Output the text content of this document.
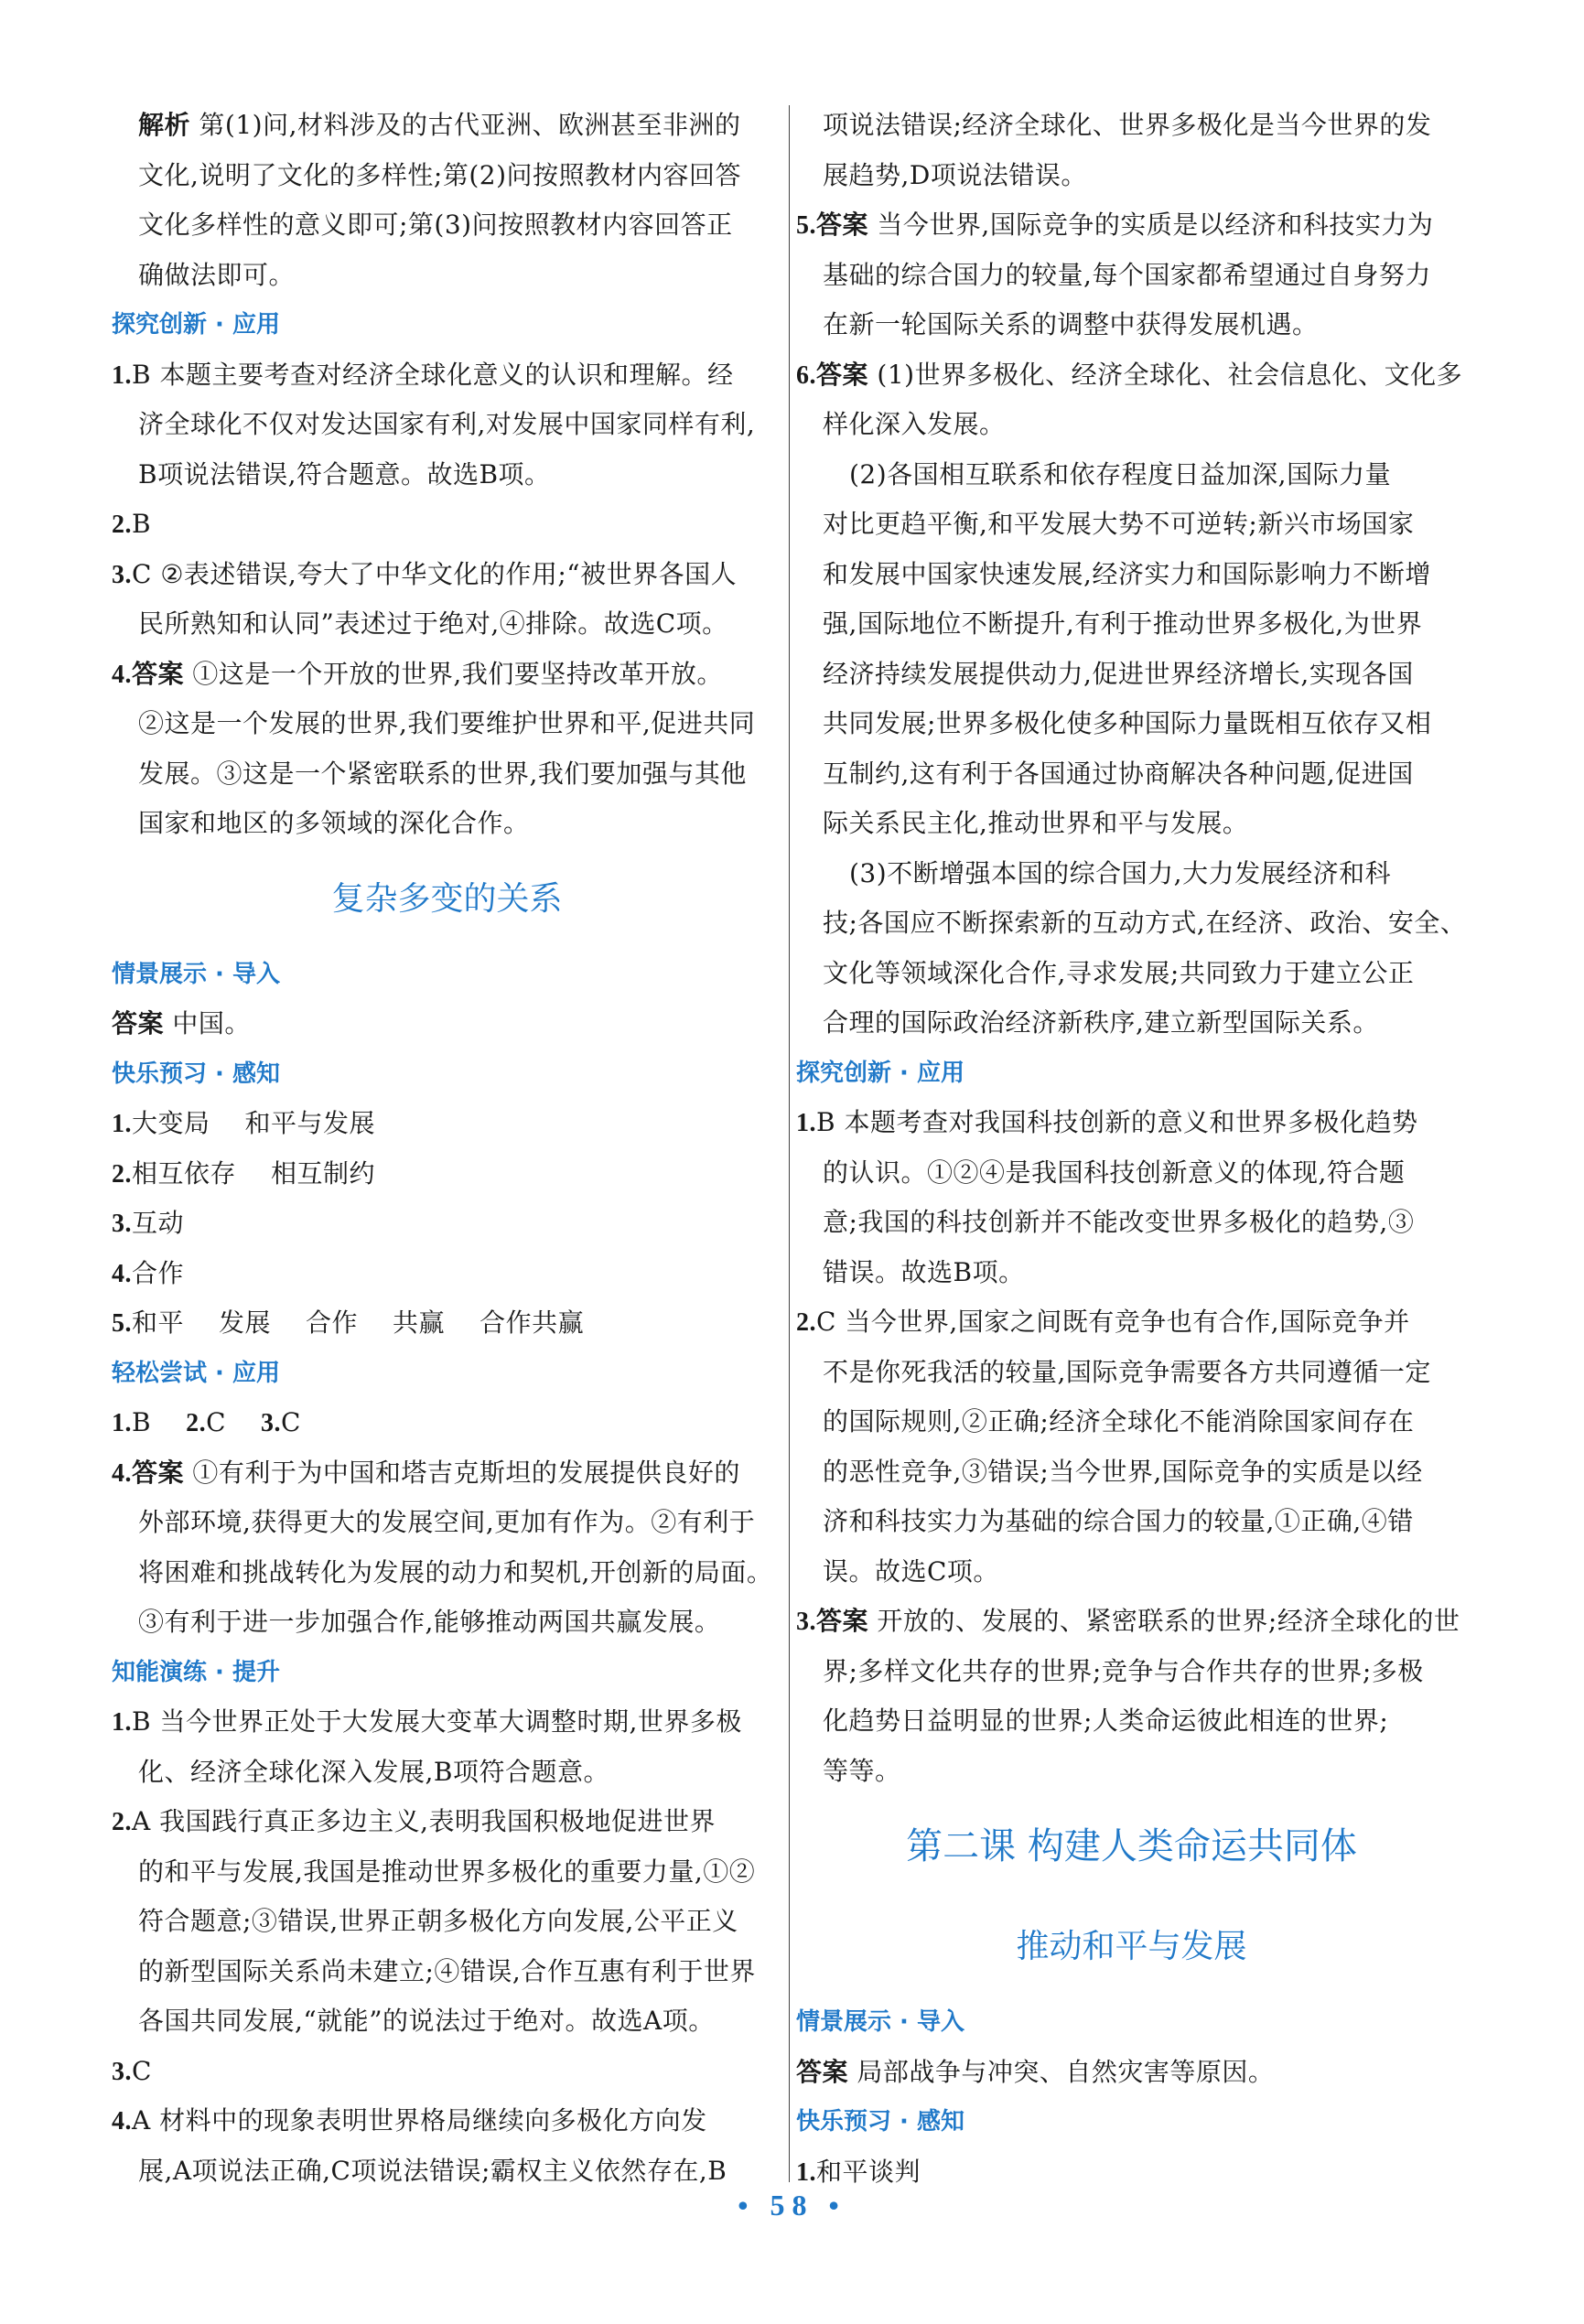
解析 第(1)问,材料涉及的古代亚洲、欧洲甚至非洲的
文化,说明了文化的多样性;第(2)问按照教材内容回答
文化多样性的意义即可;第(3)问按照教材内容回答正
确做法即可。
探究创新 · 应用
1.B 本题主要考查对经济全球化意义的认识和理解。经
济全球化不仅对发达国家有利,对发展中国家同样有利,
B项说法错误,符合题意。故选B项。
2.B
3.C ②表述错误,夸大了中华文化的作用;“被世界各国人
民所熟知和认同”表述过于绝对,④排除。故选C项。
4.答案 ①这是一个开放的世界,我们要坚持改革开放。
②这是一个发展的世界,我们要维护世界和平,促进共同
发展。③这是一个紧密联系的世界,我们要加强与其他
国家和地区的多领域的深化合作。
复杂多变的关系
情景展示 · 导入
答案 中国。
快乐预习 · 感知
1.大变局 和平与发展
2.相互依存 相互制约
3.互动
4.合作
5.和平 发展 合作 共赢 合作共赢
轻松尝试 · 应用
1.B 2.C 3.C
4.答案 ①有利于为中国和塔吉克斯坦的发展提供良好的
外部环境,获得更大的发展空间,更加有作为。②有利于
将困难和挑战转化为发展的动力和契机,开创新的局面。
③有利于进一步加强合作,能够推动两国共赢发展。
知能演练 · 提升
1.B 当今世界正处于大发展大变革大调整时期,世界多极
化、经济全球化深入发展,B项符合题意。
2.A 我国践行真正多边主义,表明我国积极地促进世界
的和平与发展,我国是推动世界多极化的重要力量,①②
符合题意;③错误,世界正朝多极化方向发展,公平正义
的新型国际关系尚未建立;④错误,合作互惠有利于世界
各国共同发展,“就能”的说法过于绝对。故选A项。
3.C
4.A 材料中的现象表明世界格局继续向多极化方向发
展,A项说法正确,C项说法错误;霸权主义依然存在,B
项说法错误;经济全球化、世界多极化是当今世界的发
展趋势,D项说法错误。
5.答案 当今世界,国际竞争的实质是以经济和科技实力为
基础的综合国力的较量,每个国家都希望通过自身努力
在新一轮国际关系的调整中获得发展机遇。
6.答案 (1)世界多极化、经济全球化、社会信息化、文化多
样化深入发展。
(2)各国相互联系和依存程度日益加深,国际力量
对比更趋平衡,和平发展大势不可逆转;新兴市场国家
和发展中国家快速发展,经济实力和国际影响力不断增
强,国际地位不断提升,有利于推动世界多极化,为世界
经济持续发展提供动力,促进世界经济增长,实现各国
共同发展;世界多极化使多种国际力量既相互依存又相
互制约,这有利于各国通过协商解决各种问题,促进国
际关系民主化,推动世界和平与发展。
(3)不断增强本国的综合国力,大力发展经济和科
技;各国应不断探索新的互动方式,在经济、政治、安全、
文化等领域深化合作,寻求发展;共同致力于建立公正
合理的国际政治经济新秩序,建立新型国际关系。
探究创新 · 应用
1.B 本题考查对我国科技创新的意义和世界多极化趋势
的认识。①②④是我国科技创新意义的体现,符合题
意;我国的科技创新并不能改变世界多极化的趋势,③
错误。故选B项。
2.C 当今世界,国家之间既有竞争也有合作,国际竞争并
不是你死我活的较量,国际竞争需要各方共同遵循一定
的国际规则,②正确;经济全球化不能消除国家间存在
的恶性竞争,③错误;当今世界,国际竞争的实质是以经
济和科技实力为基础的综合国力的较量,①正确,④错
误。故选C项。
3.答案 开放的、发展的、紧密联系的世界;经济全球化的世
界;多样文化共存的世界;竞争与合作共存的世界;多极
化趋势日益明显的世界;人类命运彼此相连的世界;
等等。
第二课 构建人类命运共同体
推动和平与发展
情景展示 · 导入
答案 局部战争与冲突、自然灾害等原因。
快乐预习 · 感知
1.和平谈判
• 58 •
